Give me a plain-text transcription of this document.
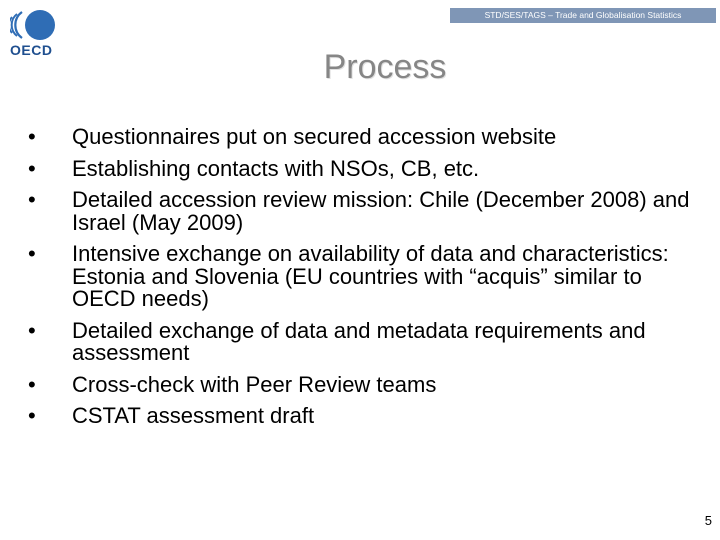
OECD
STD/SES/TAGS – Trade and Globalisation Statistics
Process
•	Questionnaires put on secured accession website
•	Establishing contacts with NSOs, CB, etc.
•	Detailed accession review mission: Chile (December 2008) and Israel (May 2009)
•	Intensive exchange on availability of data and characteristics: Estonia and Slovenia (EU countries with “acquis” similar to OECD needs)
•	Detailed exchange of data and metadata requirements and assessment
•	Cross-check with Peer Review teams
•	CSTAT assessment draft
5
